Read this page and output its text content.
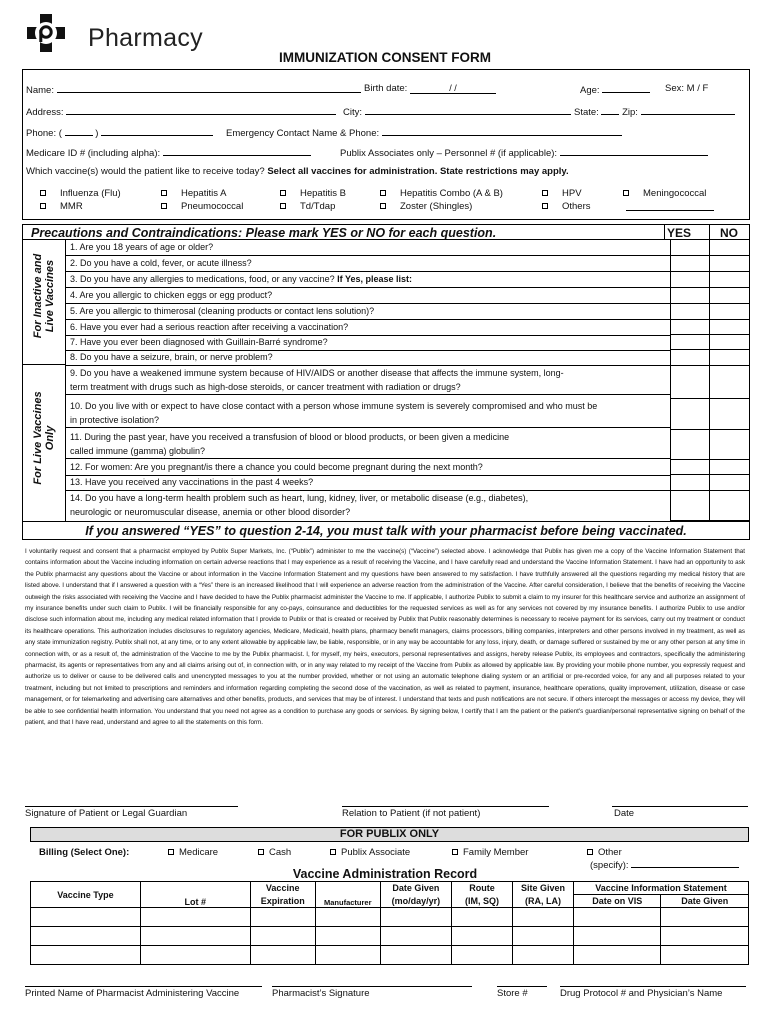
Pharmacy
IMMUNIZATION CONSENT FORM
Name:	Birth date:	/ /	Age:	Sex: M / F
Address:	City:	State: Zip:
Phone: (	)	Emergency Contact Name & Phone:
Medicare ID # (including alpha):	Publix Associates only – Personnel # (if applicable):
Which vaccine(s) would the patient like to receive today? Select all vaccines for administration. State restrictions may apply.
Influenza (Flu)
MMR
Hepatitis A
Pneumococcal
Hepatitis B
Td/Tdap
Hepatitis Combo (A & B)
Zoster (Shingles)
HPV
Others
Meningococcal
Precautions and Contraindications: Please mark YES or NO for each question.	YES NO
For Inactive and Live Vaccines
For Live Vaccines Only
1. Are you 18 years of age or older?
2. Do you have a cold, fever, or acute illness?
3. Do you have any allergies to medications, food, or any vaccine? If Yes, please list:
4. Are you allergic to chicken eggs or egg product?
5. Are you allergic to thimerosal (cleaning products or contact lens solution)?
6. Have you ever had a serious reaction after receiving a vaccination?
7. Have you ever been diagnosed with Guillain-Barré syndrome?
8. Do you have a seizure, brain, or nerve problem?
9. Do you have a weakened immune system because of HIV/AIDS or another disease that affects the immune system, long-
term treatment with drugs such as high-dose steroids, or cancer treatment with radiation or drugs?
10. Do you live with or expect to have close contact with a person whose immune system is severely compromised and who must be
in protective isolation?
11. During the past year, have you received a transfusion of blood or blood products, or been given a medicine
called immune (gamma) globulin?
12. For women: Are you pregnant/is there a chance you could become pregnant during the next month?
13. Have you received any vaccinations in the past 4 weeks?
14. Do you have a long-term health problem such as heart, lung, kidney, liver, or metabolic disease (e.g., diabetes),
neurologic or neuromuscular disease, anemia or other blood disorder?
If you answered “YES” to question 2-14, you must talk with your pharmacist before being vaccinated.
I voluntarily request and consent that a pharmacist employed by Publix Super Markets, Inc. (“Publix”) administer to me the vaccine(s) (“Vaccine”) selected above. I acknowledge that Publix has given me a copy of the Vaccine Information Statement that contains information about the Vaccine including information on certain adverse reactions that I may experience as a result of receiving the Vaccine, and I have carefully read and understand the Vaccine Information Statement. I have had an opportunity to ask the Publix pharmacist any questions about the Vaccine or about information in the Vaccine Information Statement and my questions have been answered to my satisfaction. I have truthfully answered all the questions regarding my medical history that are listed above. I understand that if I answered a question with a “Yes” there is an increased likelihood that I will experience an adverse reaction from the administration of the Vaccine. After careful consideration, I believe that the benefits of receiving the Vaccine outweigh the risks associated with receiving the Vaccine and I have decided to have the Publix pharmacist administer the Vaccine to me. If applicable, I authorize Publix to submit a claim to my insurer for this healthcare service and authorize an assignment of my insurance benefits under such claim to Publix. I will be financially responsible for any co-pays, coinsurance and deductibles for the requested services as well as for any services not covered by my insurance benefits. I authorize Publix to use and/or disclose such information about me, including any medical related information that I provide to Publix or that is created or received by Publix that Publix reasonably determines is necessary to receive payment for its services, carry out my treatment or conduct its healthcare operations. This authorization includes disclosures to regulatory agencies, Medicare, Medicaid, health plans, pharmacy benefit managers, claims processors, billing companies, interpreters and other persons involved in my treatment, as well as any state immunization registry. Publix shall not, at any time, or to any extent allowable by applicable law, be liable, responsible, or in any way be accountable for any loss, injury, death, or damage suffered or sustained by me or any other person at any time in connection with, or as a result of, the administration of the Vaccine to me by the Publix pharmacist. I, for myself, my heirs, executors, personal representatives and assigns, hereby release Publix, its employees and contractors, specifically the administering pharmacist, its agents or representatives from any and all claims arising out of, in connection with, or in any way related to my receipt of the Vaccine from Publix as allowed by applicable law. By providing your mobile phone number, you expressly request and authorize us to deliver or cause to be delivered calls and unencrypted messages to you at the number provided, whether or not using an automatic telephone dialing system or an artificial or pre-recorded voice, for any and all purposes related to your treatment, including but not limited to prescriptions and reminders and information regarding completing the second dose of the vaccination, as well as related to payment, insurance, healthcare operations, quality improvement, utilization, disease or case management, or for telemarketing and advertising care alternatives and other benefits, products, and services that may be of interest. I understand that texts and push notifications are not secure. If others intercept the messages or access my device, they will be able to see confidential health information. You understand that you need not agree as a condition to purchase any goods or services. By signing below, I certify that I am the patient or the patient’s guardian/personal representative signing on behalf of the patient, and that I have read, understand and agree to all the statements on this form.
Signature of Patient or Legal Guardian	Relation to Patient (if not patient)	Date
FOR PUBLIX ONLY
Billing (Select One):	Medicare	Cash	Publix Associate	Family Member	Other
(specify):
Vaccine Administration Record
Vaccine Type	Lot #	Vaccine	Manufacturer	Date Given	Route	Site Given	Vaccine Information Statement	
		Expiration		(mo/day/yr)	(IM, SQ)	(RA, LA)	Date on VIS	Date Given

Printed Name of Pharmacist Administering Vaccine	Pharmacist’s Signature	Store #	Drug Protocol # and Physician’s Name
